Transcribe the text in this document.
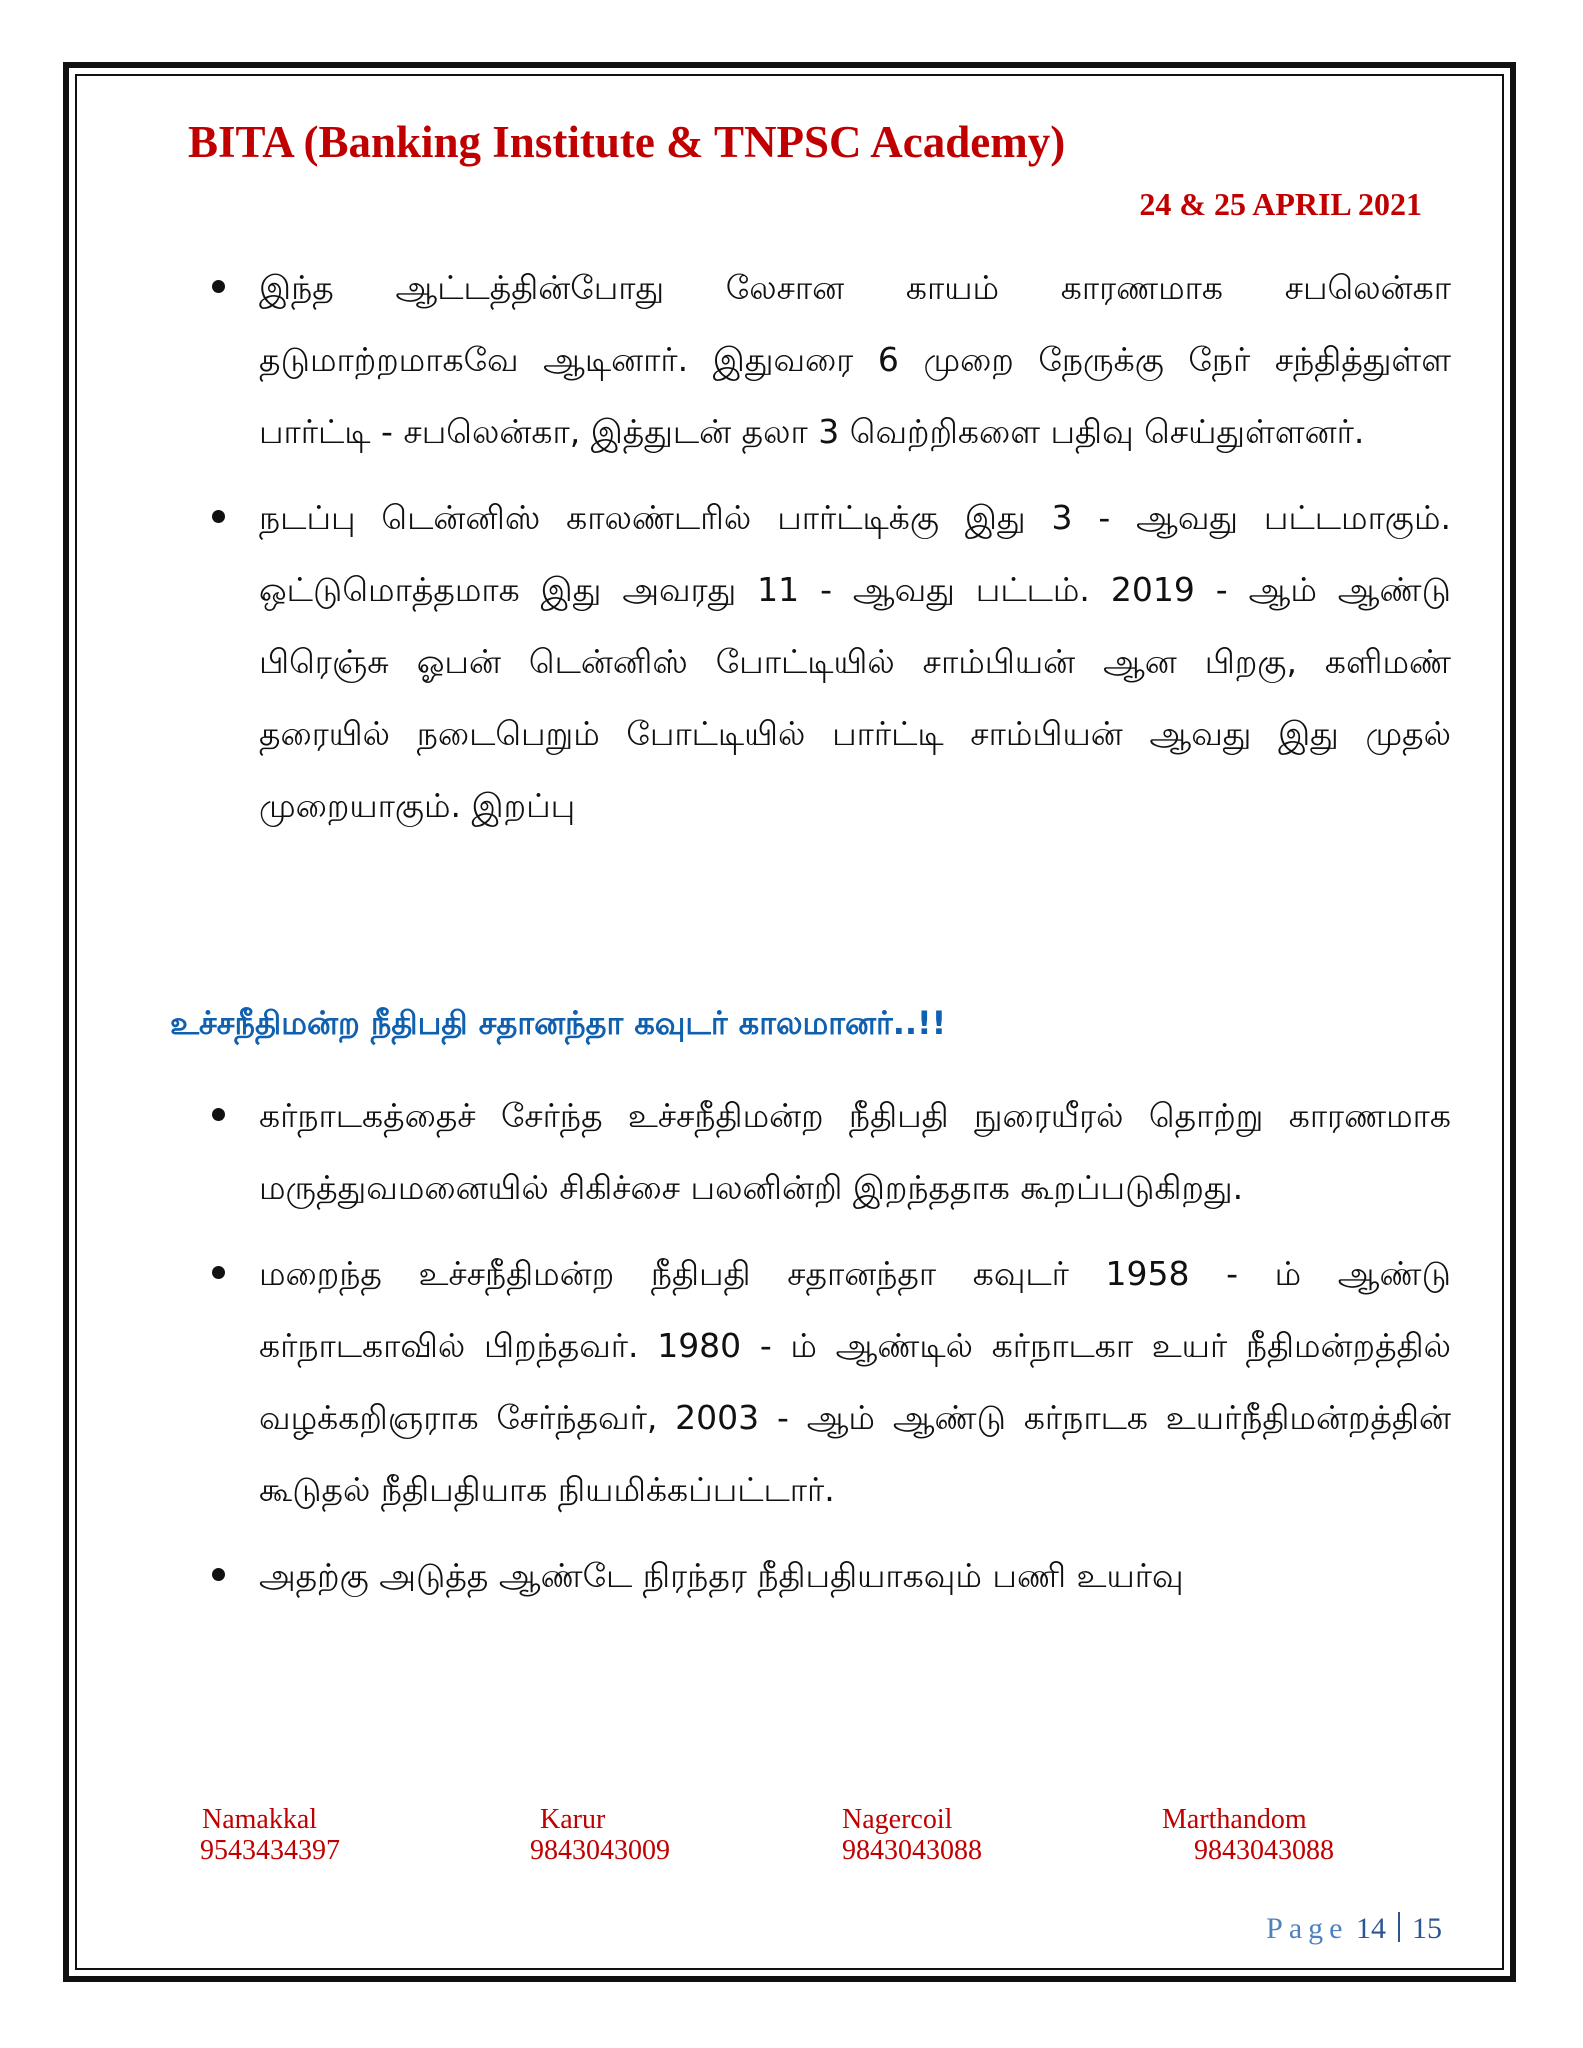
BITA (Banking Institute & TNPSC Academy)
24 & 25 APRIL 2021

இந்த ஆட்டத்தின்போது லேசான காயம் காரணமாக சபலென்கா தடுமாற்றமாகவே ஆடினார். இதுவரை 6 முறை நேருக்கு நேர் சந்தித்துள்ள பார்ட்டி - சபலென்கா, இத்துடன் தலா 3 வெற்றிகளை பதிவு செய்துள்ளனர்.

நடப்பு டென்னிஸ் காலண்டரில் பார்ட்டிக்கு இது 3 - ஆவது பட்டமாகும். ஒட்டுமொத்தமாக இது அவரது 11 - ஆவது பட்டம். 2019 - ஆம் ஆண்டு பிரெஞ்சு ஓபன் டென்னிஸ் போட்டியில் சாம்பியன் ஆன பிறகு, களிமண் தரையில் நடைபெறும் போட்டியில் பார்ட்டி சாம்பியன் ஆவது இது முதல் முறையாகும். இறப்பு

உச்சநீதிமன்ற நீதிபதி சதானந்தா கவுடர் காலமானர்..!!

கர்நாடகத்தைச் சேர்ந்த உச்சநீதிமன்ற நீதிபதி நுரையீரல் தொற்று காரணமாக மருத்துவமனையில் சிகிச்சை பலனின்றி இறந்ததாக கூறப்படுகிறது.

மறைந்த உச்சநீதிமன்ற நீதிபதி சதானந்தா கவுடர் 1958 - ம் ஆண்டு கர்நாடகாவில் பிறந்தவர். 1980 - ம் ஆண்டில் கர்நாடகா உயர் நீதிமன்றத்தில் வழக்கறிஞராக சேர்ந்தவர், 2003 - ஆம் ஆண்டு கர்நாடக உயர்நீதிமன்றத்தின் கூடுதல் நீதிபதியாக நியமிக்கப்பட்டார்.

அதற்கு அடுத்த ஆண்டே நிரந்தர நீதிபதியாகவும் பணி உயர்வு

Namakkal
9543434397
Karur
9843043009
Nagercoil
9843043088
Marthandom
9843043088
Page 14 15
